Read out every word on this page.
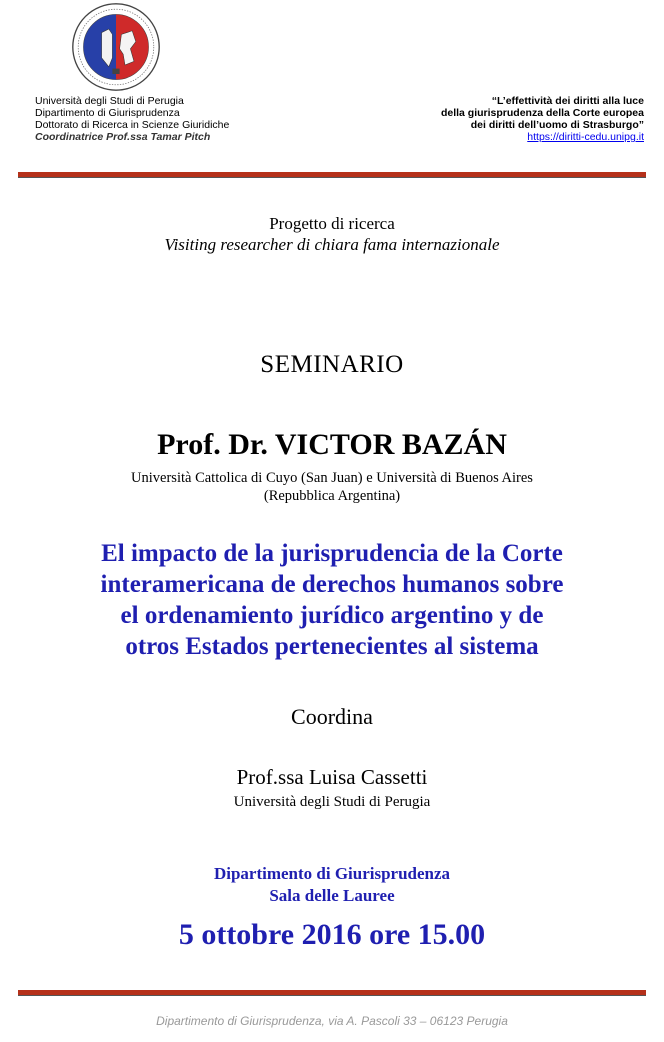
Università degli Studi di Perugia
Dipartimento di Giurisprudenza
Dottorato di Ricerca in Scienze Giuridiche
Coordinatrice Prof.ssa Tamar Pitch
“L’effettività dei diritti alla luce
della giurisprudenza della Corte europea
dei diritti dell’uomo di Strasburgo”
https://diritti-cedu.unipg.it
Progetto di ricerca
Visiting researcher di chiara fama internazionale
SEMINARIO
Prof. Dr. VICTOR BAZÁN
Università Cattolica di Cuyo (San Juan) e Università di Buenos Aires
(Repubblica Argentina)
El impacto de la jurisprudencia de la Corte
interamericana de derechos humanos sobre
el ordenamiento jurídico argentino y de
otros Estados pertenecientes al sistema
Coordina
Prof.ssa Luisa Cassetti
Università degli Studi di Perugia
Dipartimento di Giurisprudenza
Sala delle Lauree
5 ottobre 2016 ore 15.00
Dipartimento di Giurisprudenza, via A. Pascoli 33 – 06123 Perugia
